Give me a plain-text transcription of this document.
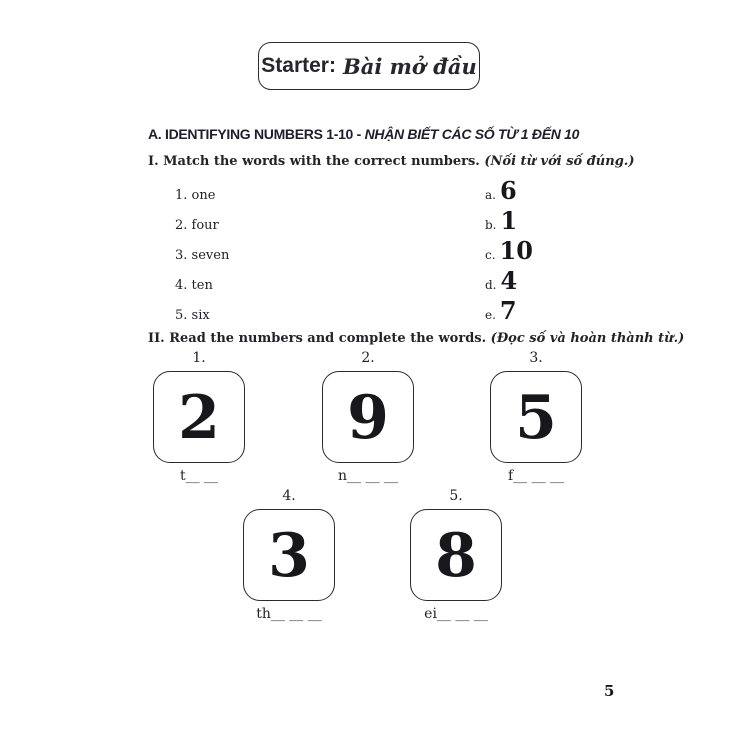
Starter: Bài mở đầu
A. IDENTIFYING NUMBERS 1-10 - NHẬN BIẾT CÁC SỐ TỪ 1 ĐẾN 10
I. Match the words with the correct numbers. (Nối từ với số đúng.)
1. one	a. 6
2. four	b. 1
3. seven	c. 10
4. ten	d. 4
5. six	e. 7
II. Read the numbers and complete the words. (Đọc số và hoàn thành từ.)
1.
2
t__ __
2.
9
n__ __ __
3.
5
f__ __ __
4.
3
th__ __ __
5.
8
ei__ __ __
5
